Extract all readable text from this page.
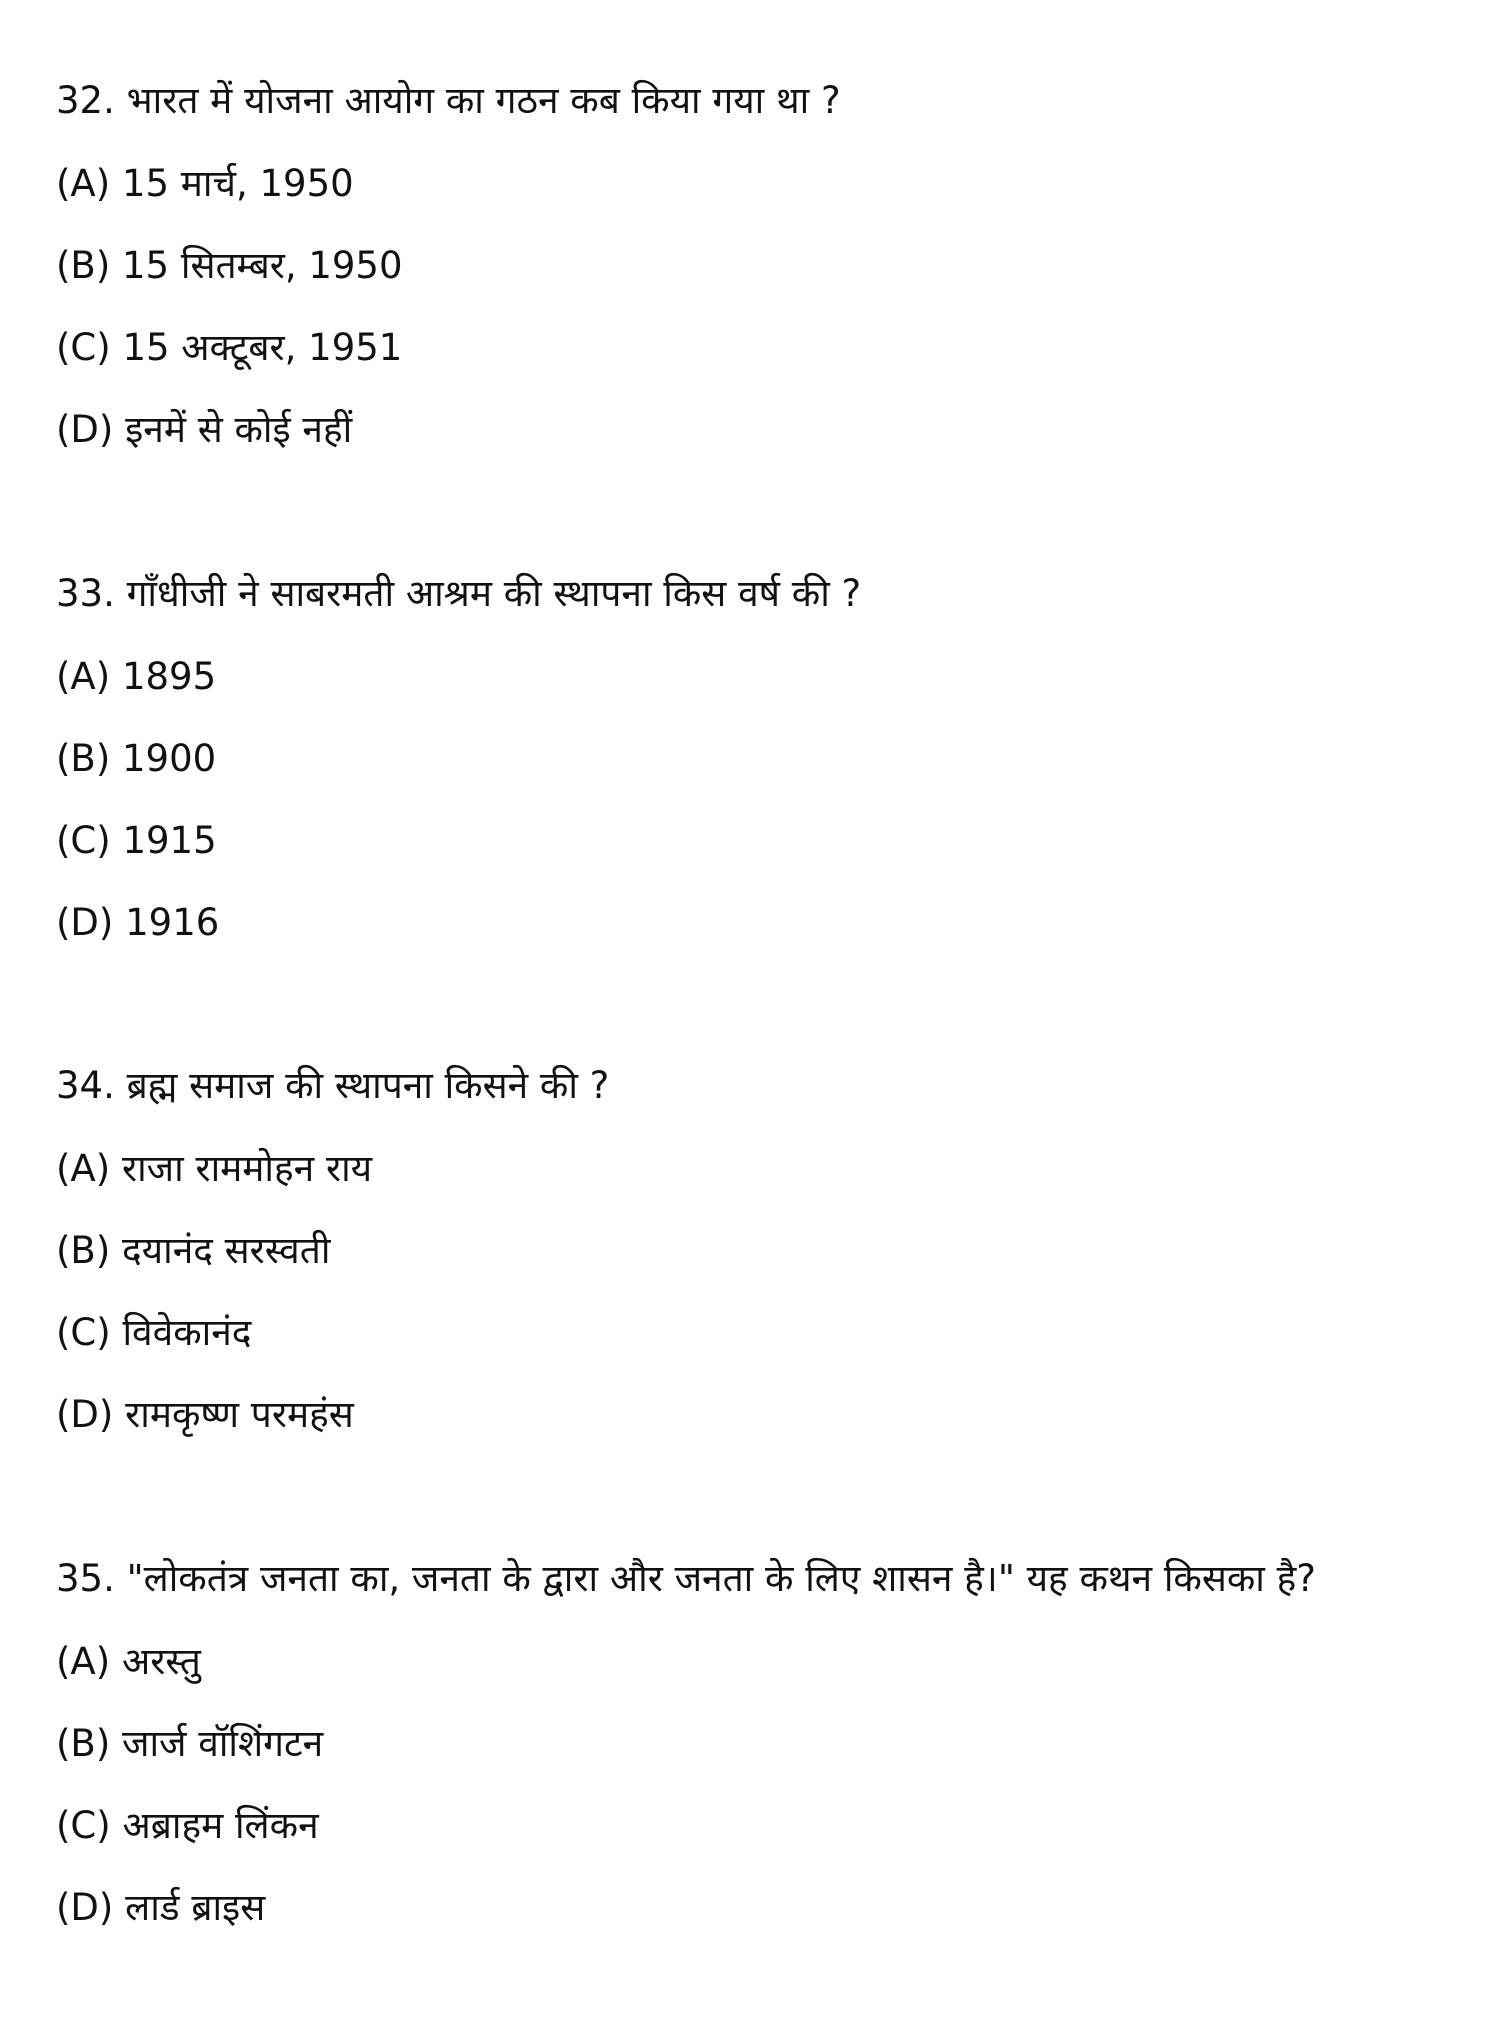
32. भारत में योजना आयोग का गठन कब किया गया था ?
(A) 15 मार्च, 1950
(B) 15 सितम्बर, 1950
(C) 15 अक्टूबर, 1951
(D) इनमें से कोई नहीं
33. गाँधीजी ने साबरमती आश्रम की स्थापना किस वर्ष की ?
(A) 1895
(B) 1900
(C) 1915
(D) 1916
34. ब्रह्म समाज की स्थापना किसने की ?
(A) राजा राममोहन राय
(B) दयानंद सरस्वती
(C) विवेकानंद
(D) रामकृष्ण परमहंस
35. "लोकतंत्र जनता का, जनता के द्वारा और जनता के लिए शासन है।" यह कथन किसका है?
(A) अरस्तु
(B) जार्ज वॉशिंगटन
(C) अब्राहम लिंकन
(D) लार्ड ब्राइस
